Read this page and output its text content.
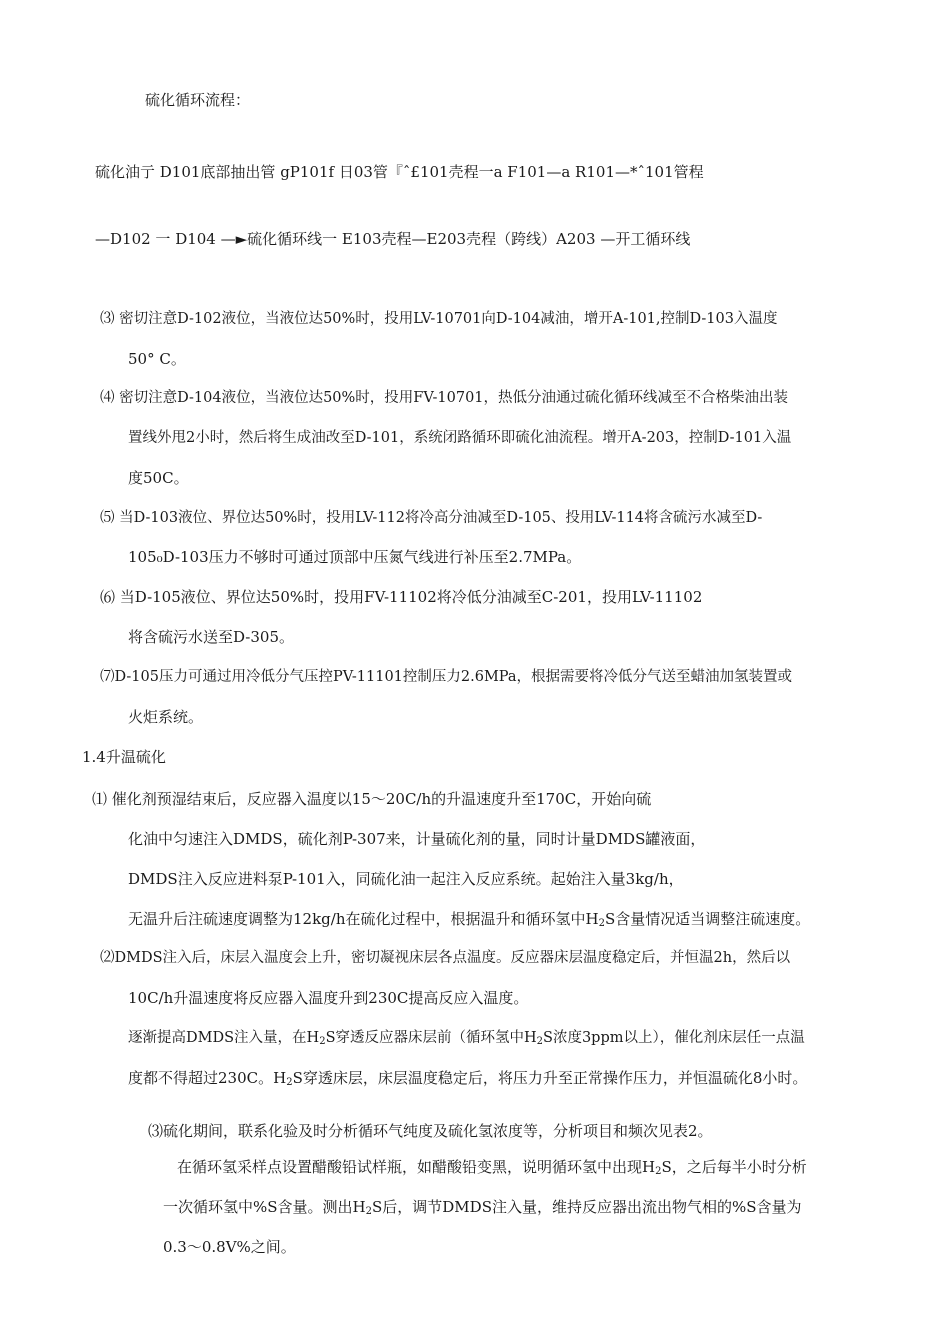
硫化循环流程：
硫化油亍 D101底部抽出管 gP101f 日03管『ˆ£101壳程一a F101—a R101—*ˆ101管程
—D102 一 D104 —►硫化循环线一 E103壳程—E203壳程（跨线）A203 —开工循环线
⑶ 密切注意D-102液位，当液位达50%时，投用LV-10701向D-104减油，增开A-101,控制D-103入温度
50° C。
⑷ 密切注意D-104液位，当液位达50%时，投用FV-10701，热低分油通过硫化循环线减至不合格柴油出装
置线外甩2小时，然后将生成油改至D-101，系统闭路循环即硫化油流程。增开A-203，控制D-101入温
度50C。
⑸ 当D-103液位、界位达50%时，投用LV-112将冷高分油减至D-105、投用LV-114将含硫污水减至D-
105₀D-103压力不够时可通过顶部中压氮气线进行补压至2.7MPa。
⑹ 当D-105液位、界位达50%时，投用FV-11102将冷低分油减至C-201，投用LV-11102
将含硫污水送至D-305。
⑺D-105压力可通过用冷低分气压控PV-11101控制压力2.6MPa，根据需要将冷低分气送至蜡油加氢装置或
火炬系统。
1.4升温硫化
⑴ 催化剂预湿结束后，反应器入温度以15〜20C/h的升温速度升至170C，开始向硫
化油中匀速注入DMDS，硫化剂P-307来，计量硫化剂的量，同时计量DMDS罐液面，
DMDS注入反应进料泵P-101入，同硫化油一起注入反应系统。起始注入量3kg/h，
无温升后注硫速度调整为12kg/h在硫化过程中，根据温升和循环氢中$H_2S$含量情况适当调整注硫速度。
⑵DMDS注入后，床层入温度会上升，密切凝视床层各点温度。反应器床层温度稳定后，并恒温2h，然后以
10C/h升温速度将反应器入温度升到230C提高反应入温度。
逐渐提高DMDS注入量，在$H_2S$穿透反应器床层前（循环氢中$H_2S$浓度3ppm以上），催化剂床层任一点温
度都不得超过230C。$H_2S$穿透床层，床层温度稳定后，将压力升至正常操作压力，并恒温硫化8小时。
⑶硫化期间，联系化验及时分析循环气纯度及硫化氢浓度等，分析项目和频次见表2。
在循环氢采样点设置醋酸铅试样瓶，如醋酸铅变黑，说明循环氢中出现$H_2S$，之后每半小时分析
一次循环氢中%S含量。测出$H_2S$后，调节DMDS注入量，维持反应器出流出物气相的%S含量为
0.3〜0.8V%之间。
